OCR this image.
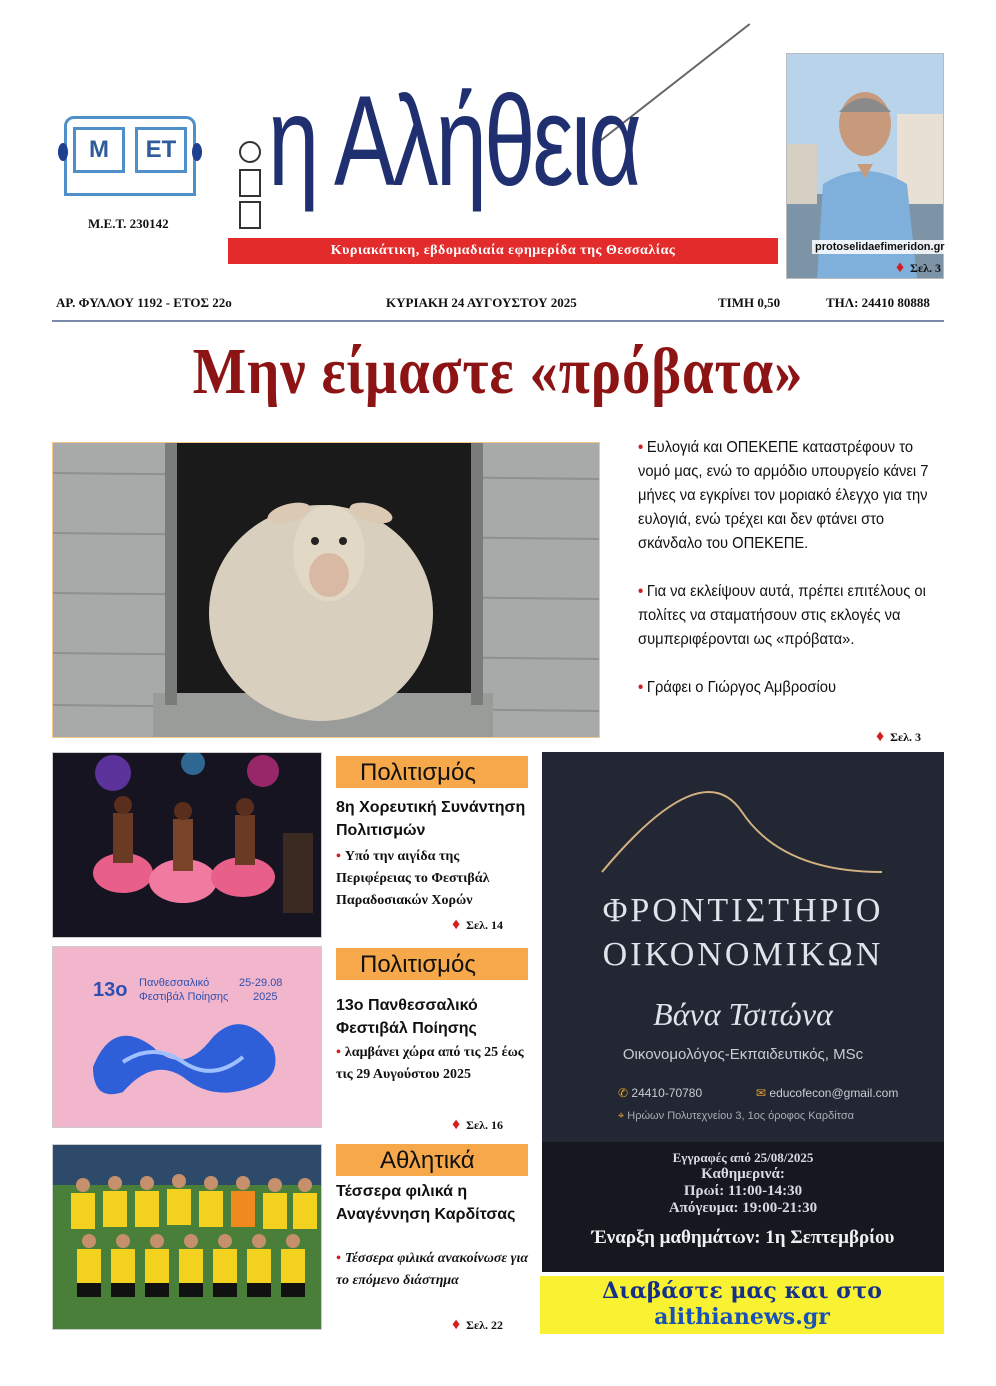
M	ET
Μ.Ε.Τ. 230142
η Αλήθεια
Κυριακάτικη, εβδομαδιαία εφημερίδα της Θεσσαλίας	protoselidaefimeridon.gr
♦ Σελ. 3
ΑΡ. ΦΥΛΛΟΥ 1192 - ΕΤΟΣ 22ο	ΚΥΡΙΑΚΗ 24 ΑΥΓΟΥΣΤΟΥ 2025	ΤΙΜΗ 0,50	ΤΗΛ: 24410 80888
Μην είμαστε «πρόβατα»

• Ευλογιά και ΟΠΕΚΕΠΕ καταστρέφουν το νομό μας, ενώ το αρμόδιο υπουργείο κάνει 7 μήνες να εγκρίνει τον μοριακό έλεγχο για την ευλογιά, ενώ τρέχει και δεν φτάνει στο σκάνδαλο του ΟΠΕΚΕΠΕ.

• Για να εκλείψουν αυτά, πρέπει επιτέλους οι πολίτες να σταματήσουν στις εκλογές να συμπεριφέρονται ως «πρόβατα».

• Γράφει ο Γιώργος Αμβροσίου

♦ Σελ. 3
Πολιτισμός
8η Χορευτική Συνάντηση Πολιτισμών
• Υπό την αιγίδα της Περιφέρειας το Φεστιβάλ Παραδοσιακών Χορών
♦ Σελ. 14
13ο Πανθεσσαλικό
Φεστιβάλ Ποίησης
25-29.08
2025
Πολιτισμός
13ο Πανθεσσαλικό Φεστιβάλ Ποίησης
• λαμβάνει χώρα από τις 25 έως τις 29 Αυγούστου 2025
♦ Σελ. 16
Αθλητικά
Τέσσερα φιλικά η Αναγέννηση Καρδίτσας
• Τέσσερα φιλικά ανακοίνωσε για το επόμενο διάστημα
♦ Σελ. 22
ΦΡΟΝΤΙΣΤΗΡΙΟ
ΟΙΚΟΝΟΜΙΚΩΝ
Βάνα Τσιτώνα
Οικονομολόγος-Εκπαιδευτικός, MSc
✆ 24410-70780	✉ educofecon@gmail.com
⌖ Ηρώων Πολυτεχνείου 3, 1ος όροφος Καρδίτσα
Εγγραφές από 25/08/2025
Καθημερινά:
Πρωί: 11:00-14:30
Απόγευμα: 19:00-21:30
Έναρξη μαθημάτων: 1η Σεπτεμβρίου
Διαβάστε μας και στο
alithianews.gr
